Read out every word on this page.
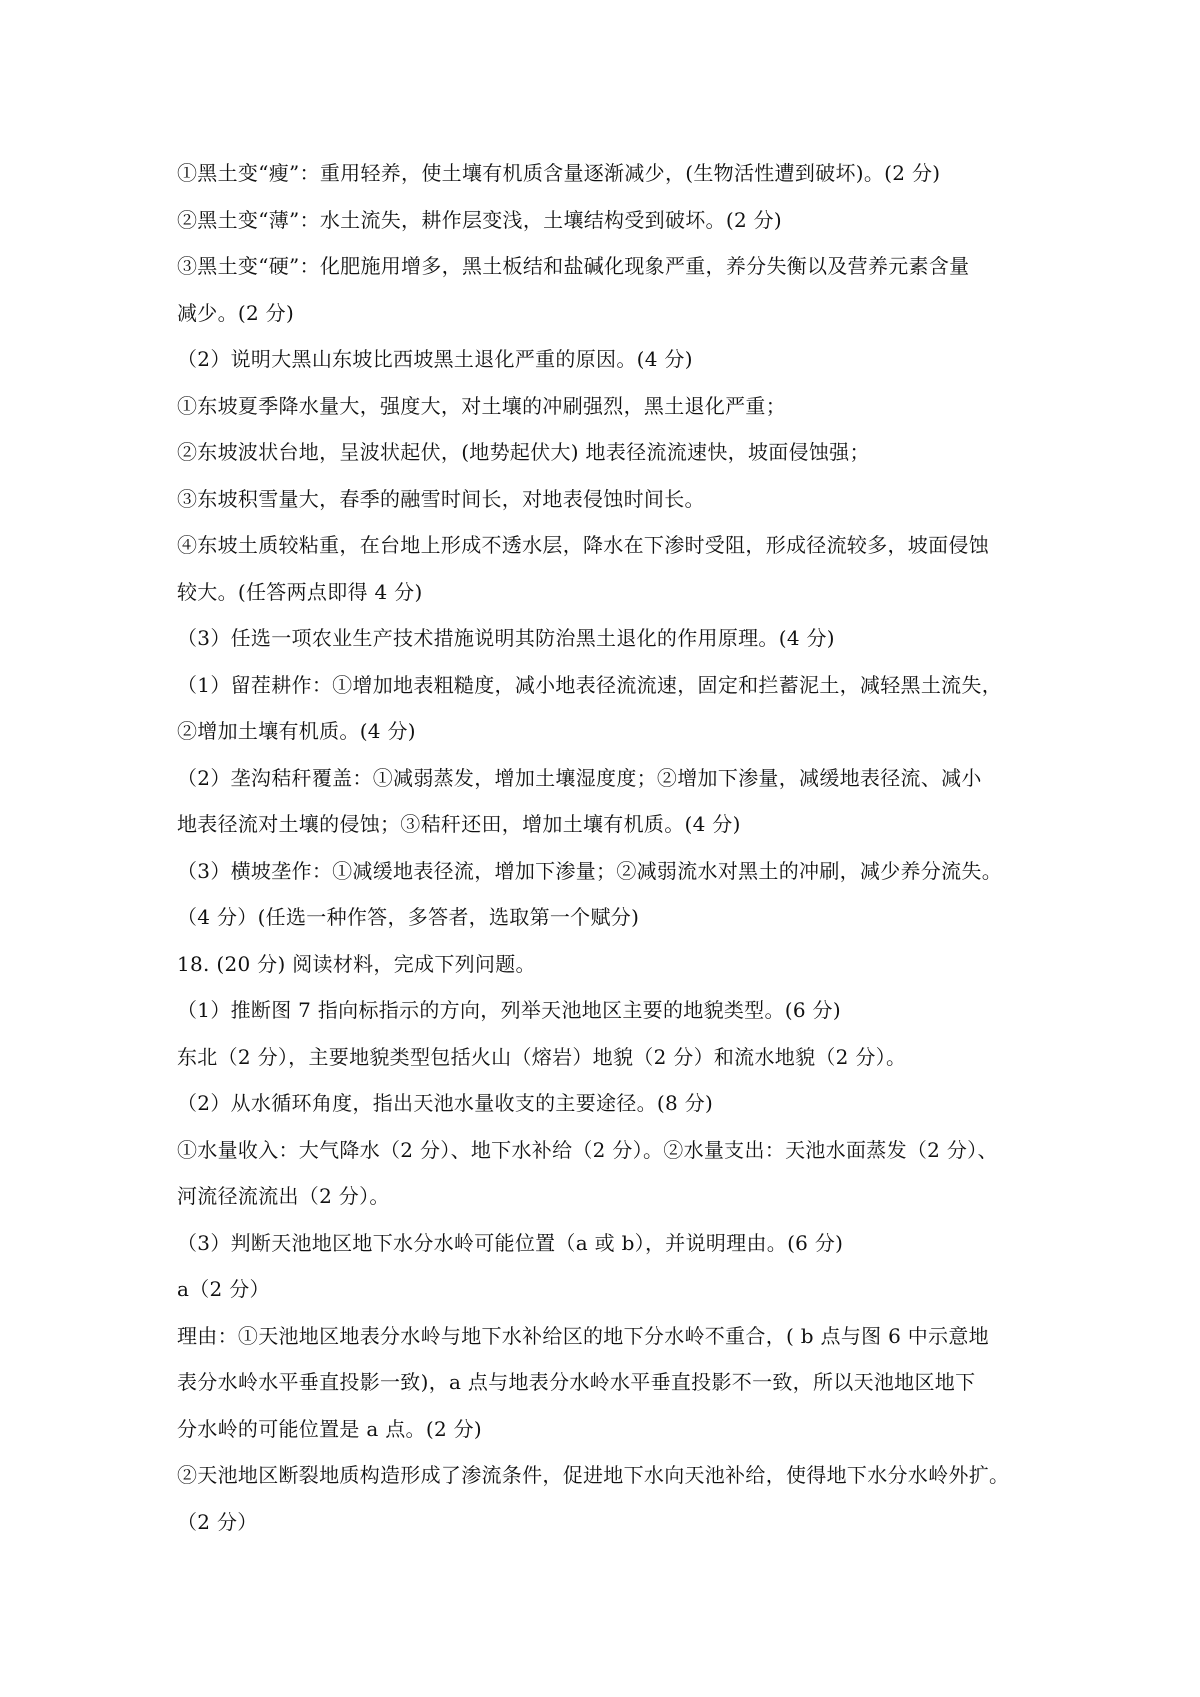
①黑土变“瘦”：重用轻养，使土壤有机质含量逐渐减少，(生物活性遭到破坏)。(2 分)
②黑土变“薄”：水土流失，耕作层变浅，土壤结构受到破坏。(2 分)
③黑土变“硬”：化肥施用增多，黑土板结和盐碱化现象严重，养分失衡以及营养元素含量
减少。(2 分)
（2）说明大黑山东坡比西坡黑土退化严重的原因。(4 分)
①东坡夏季降水量大，强度大，对土壤的冲刷强烈，黑土退化严重；
②东坡波状台地，呈波状起伏，(地势起伏大) 地表径流流速快，坡面侵蚀强；
③东坡积雪量大，春季的融雪时间长，对地表侵蚀时间长。
④东坡土质较粘重，在台地上形成不透水层，降水在下渗时受阻，形成径流较多，坡面侵蚀
较大。(任答两点即得 4 分)
（3）任选一项农业生产技术措施说明其防治黑土退化的作用原理。(4 分)
（1）留茬耕作：①增加地表粗糙度，减小地表径流流速，固定和拦蓄泥土，减轻黑土流失，
②增加土壤有机质。(4 分)
（2）垄沟秸秆覆盖：①减弱蒸发，增加土壤湿度度；②增加下渗量，减缓地表径流、减小
地表径流对土壤的侵蚀；③秸秆还田，增加土壤有机质。(4 分)
（3）横坡垄作：①减缓地表径流，增加下渗量；②减弱流水对黑土的冲刷，减少养分流失。
（4 分）(任选一种作答，多答者，选取第一个赋分)
18. (20 分) 阅读材料，完成下列问题。
（1）推断图 7 指向标指示的方向，列举天池地区主要的地貌类型。(6 分)
东北（2 分），主要地貌类型包括火山（熔岩）地貌（2 分）和流水地貌（2 分）。
（2）从水循环角度，指出天池水量收支的主要途径。(8 分)
①水量收入：大气降水（2 分）、地下水补给（2 分）。②水量支出：天池水面蒸发（2 分）、
河流径流流出（2 分）。
（3）判断天池地区地下水分水岭可能位置（a 或 b），并说明理由。(6 分)
a（2 分）
理由：①天池地区地表分水岭与地下水补给区的地下分水岭不重合，( b 点与图 6 中示意地
表分水岭水平垂直投影一致)，a 点与地表分水岭水平垂直投影不一致，所以天池地区地下
分水岭的可能位置是 a 点。(2 分)
②天池地区断裂地质构造形成了渗流条件，促进地下水向天池补给，使得地下水分水岭外扩。
（2 分）
